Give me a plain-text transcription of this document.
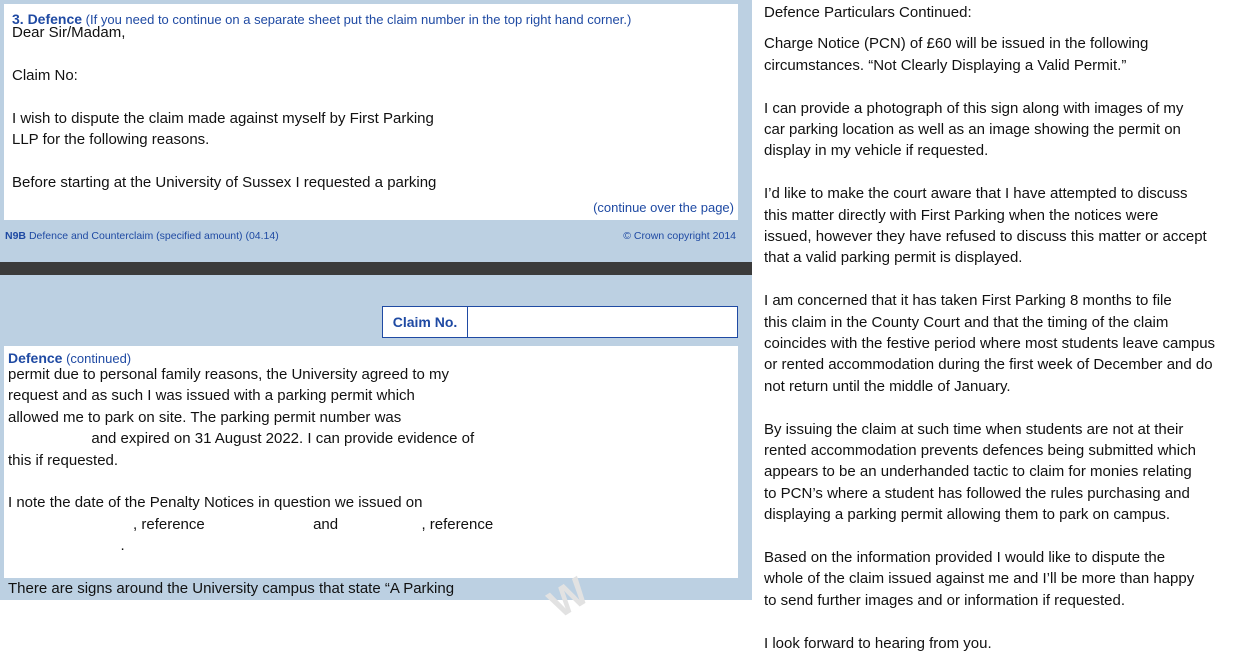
3. Defence (If you need to continue on a separate sheet put the claim number in the top right hand corner.)
Dear Sir/Madam,
Claim No:
I wish to dispute the claim made against myself by First Parking
LLP for the following reasons.
Before starting at the University of Sussex I requested a parking
(continue over the page)
N9B Defence and Counterclaim (specified amount) (04.14)	© Crown copyright 2014
Claim No.
Defence (continued)
permit due to personal family reasons, the University agreed to my
request and as such I was issued with a parking permit which
allowed me to park on site. The parking permit number was
and expired on 31 August 2022. I can provide evidence of
this if requested.
I note the date of the Penalty Notices in question we issued on
, reference                          and                    , reference
.
There are signs around the University campus that state “A Parking W

Defence Particulars Continued:

Charge Notice (PCN) of £60 will be issued in the following
circumstances. “Not Clearly Displaying a Valid Permit.”

I can provide a photograph of this sign along with images of my
car parking location as well as an image showing the permit on
display in my vehicle if requested.

I’d like to make the court aware that I have attempted to discuss
this matter directly with First Parking when the notices were
issued, however they have refused to discuss this matter or accept
that a valid parking permit is displayed.

I am concerned that it has taken First Parking 8 months to file
this claim in the County Court and that the timing of the claim
coincides with the festive period where most students leave campus
or rented accommodation during the first week of December and do
not return until the middle of January.

By issuing the claim at such time when students are not at their
rented accommodation prevents defences being submitted which
appears to be an underhanded tactic to claim for monies relating
to PCN’s where a student has followed the rules purchasing and
displaying a parking permit allowing them to park on campus.

Based on the information provided I would like to dispute the
whole of the claim issued against me and I’ll be more than happy
to send further images and or information if requested.

I look forward to hearing from you.
